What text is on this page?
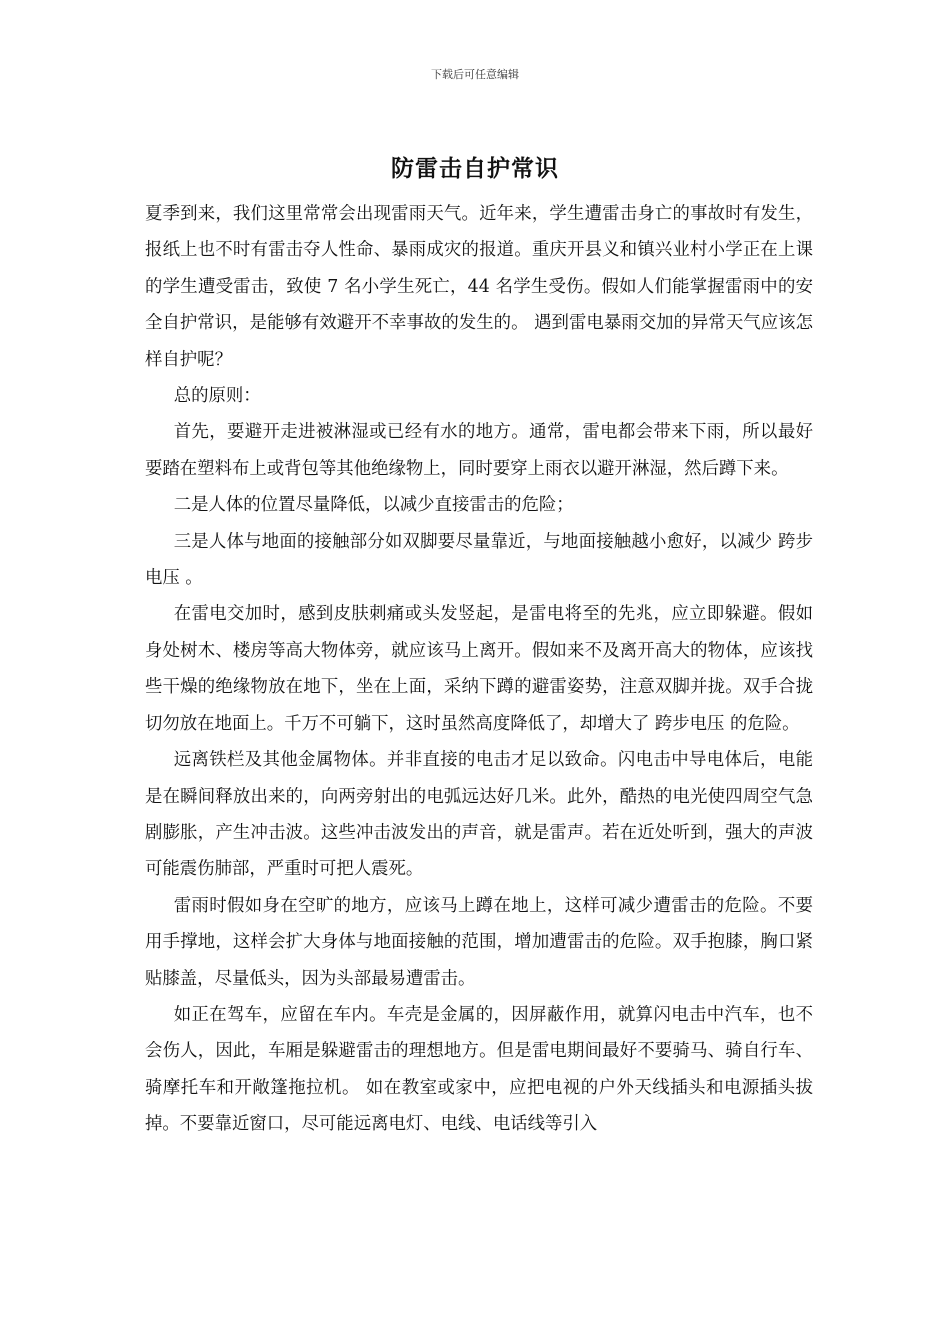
下载后可任意编辑
防雷击自护常识

夏季到来，我们这里常常会出现雷雨天气。近年来，学生遭雷击身亡的事故时有发生，报纸上也不时有雷击夺人性命、暴雨成灾的报道。重庆开县义和镇兴业村小学正在上课的学生遭受雷击，致使 7 名小学生死亡，44 名学生受伤。假如人们能掌握雷雨中的安全自护常识，是能够有效避开不幸事故的发生的。 遇到雷电暴雨交加的异常天气应该怎样自护呢？

总的原则：

首先，要避开走进被淋湿或已经有水的地方。通常，雷电都会带来下雨，所以最好要踏在塑料布上或背包等其他绝缘物上，同时要穿上雨衣以避开淋湿，然后蹲下来。

二是人体的位置尽量降低，以减少直接雷击的危险；

三是人体与地面的接触部分如双脚要尽量靠近，与地面接触越小愈好，以减少 跨步电压 。

在雷电交加时，感到皮肤刺痛或头发竖起，是雷电将至的先兆，应立即躲避。假如身处树木、楼房等高大物体旁，就应该马上离开。假如来不及离开高大的物体，应该找些干燥的绝缘物放在地下，坐在上面，采纳下蹲的避雷姿势，注意双脚并拢。双手合拢切勿放在地面上。千万不可躺下，这时虽然高度降低了，却增大了 跨步电压 的危险。

远离铁栏及其他金属物体。并非直接的电击才足以致命。闪电击中导电体后，电能是在瞬间释放出来的，向两旁射出的电弧远达好几米。此外，酷热的电光使四周空气急剧膨胀，产生冲击波。这些冲击波发出的声音，就是雷声。若在近处听到，强大的声波可能震伤肺部，严重时可把人震死。

雷雨时假如身在空旷的地方，应该马上蹲在地上，这样可减少遭雷击的危险。不要用手撑地，这样会扩大身体与地面接触的范围，增加遭雷击的危险。双手抱膝，胸口紧贴膝盖，尽量低头，因为头部最易遭雷击。

如正在驾车，应留在车内。车壳是金属的，因屏蔽作用，就算闪电击中汽车，也不会伤人，因此，车厢是躲避雷击的理想地方。但是雷电期间最好不要骑马、骑自行车、骑摩托车和开敞篷拖拉机。 如在教室或家中，应把电视的户外天线插头和电源插头拔掉。不要靠近窗口，尽可能远离电灯、电线、电话线等引入
